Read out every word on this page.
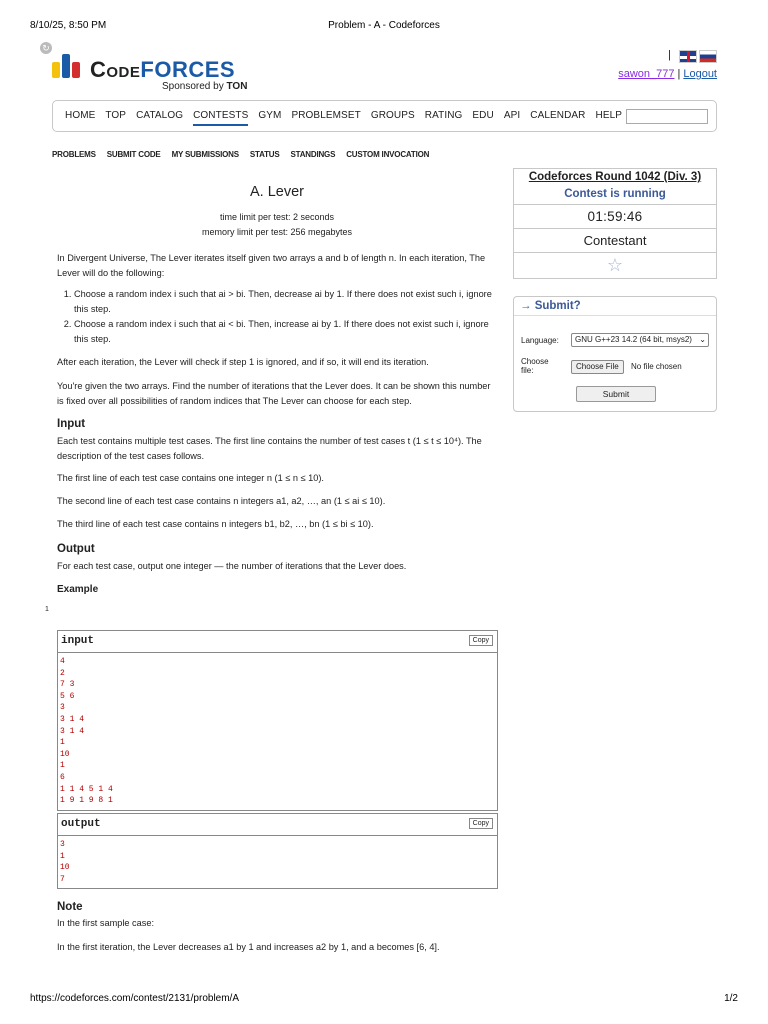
8/10/25, 8:50 PM	Problem - A - Codeforces
↻
CodeFORCES
Sponsored by TON
|
sawon_777 | Logout
HOME TOP CATALOG CONTESTS GYM PROBLEMSET GROUPS RATING EDU API CALENDAR HELP
PROBLEMS SUBMIT CODE MY SUBMISSIONS STATUS STANDINGS CUSTOM INVOCATION
A. Lever
time limit per test: 2 seconds
memory limit per test: 256 megabytes

In Divergent Universe, The Lever iterates itself given two arrays a and b of length n. In each iteration, The Lever will do the following:

1. Choose a random index i such that ai > bi. Then, decrease ai by 1. If there does not exist such i, ignore this step.
2. Choose a random index i such that ai < bi. Then, increase ai by 1. If there does not exist such i, ignore this step.

After each iteration, the Lever will check if step 1 is ignored, and if so, it will end its iteration.

You're given the two arrays. Find the number of iterations that the Lever does. It can be shown this number is fixed over all possibilities of random indices that The Lever can choose for each step.

Input

Each test contains multiple test cases. The first line contains the number of test cases t (1 ≤ t ≤ 10⁴). The description of the test cases follows.

The first line of each test case contains one integer n (1 ≤ n ≤ 10).

The second line of each test case contains n integers a1, a2, …, an (1 ≤ ai ≤ 10).

The third line of each test case contains n integers b1, b2, …, bn (1 ≤ bi ≤ 10).

Output

For each test case, output one integer — the number of iterations that the Lever does.

Example
1
input	Copy
4
2
7 3
5 6
3
3 1 4
3 1 4
1
10
1
6
1 1 4 5 1 4
1 9 1 9 8 1
output	Copy
3
1
10
7
Note

In the first sample case:

In the first iteration, the Lever decreases a1 by 1 and increases a2 by 1, and a becomes [6, 4].

Codeforces Round 1042 (Div. 3)
Contest is running
01:59:46
Contestant
☆
→ Submit?
Language:	GNU G++23 14.2 (64 bit, msys2) ⌄
Choose file:	Choose File	No file chosen
Submit
https://codeforces.com/contest/2131/problem/A	1/2
